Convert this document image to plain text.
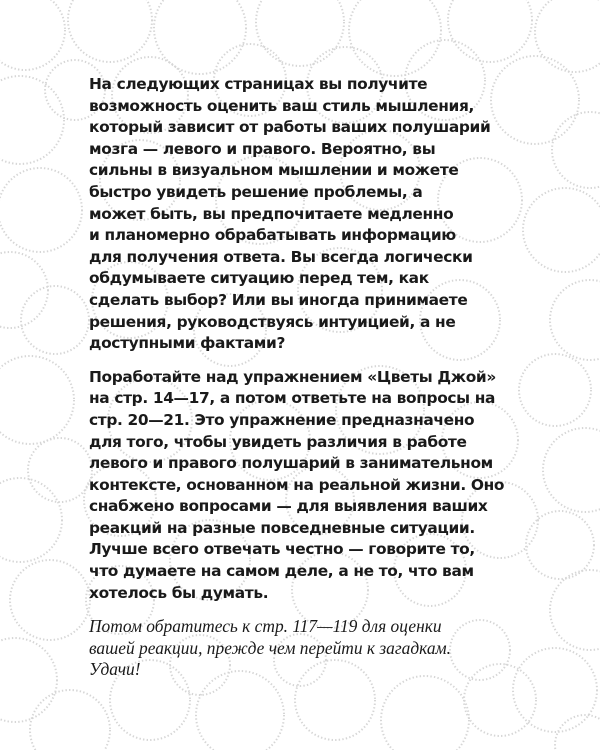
На следующих страницах вы получите
возможность оценить ваш стиль мышления,
который зависит от работы ваших полушарий
мозга — левого и правого. Вероятно, вы
сильны в визуальном мышлении и можете
быстро увидеть решение проблемы, а
может быть, вы предпочитаете медленно
и планомерно обрабатывать информацию
для получения ответа. Вы всегда логически
обдумываете ситуацию перед тем, как
сделать выбор? Или вы иногда принимаете
решения, руководствуясь интуицией, а не
доступными фактами?

Поработайте над упражнением «Цветы Джой»
на стр. 14—17, а потом ответьте на вопросы на
стр. 20—21. Это упражнение предназначено
для того, чтобы увидеть различия в работе
левого и правого полушарий в занимательном
контексте, основанном на реальной жизни. Оно
снабжено вопросами — для выявления ваших
реакций на разные повседневные ситуации.
Лучше всего отвечать честно — говорите то,
что думаете на самом деле, а не то, что вам
хотелось бы думать.

Потом обратитесь к стр. 117—119 для оценки
вашей реакции, прежде чем перейти к загадкам.
Удачи!
